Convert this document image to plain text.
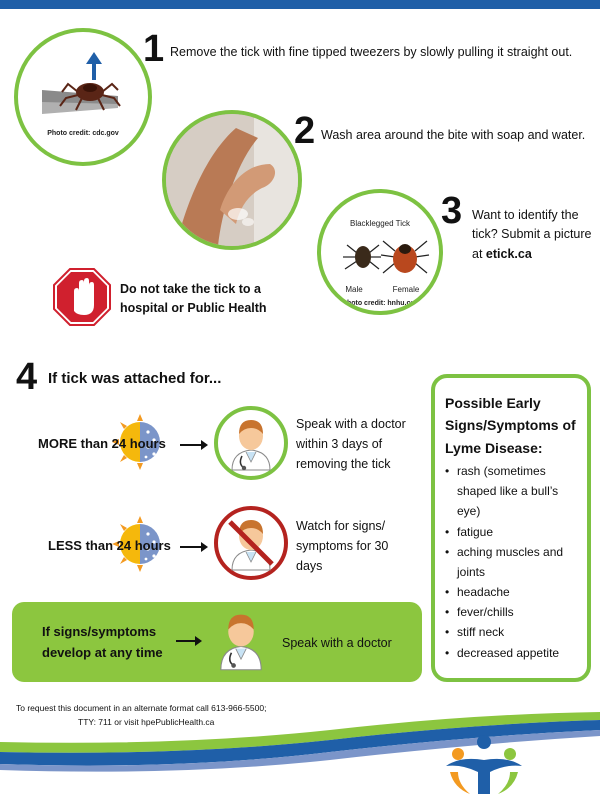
Photo credit: cdc.gov
1 Remove the tick with fine tipped tweezers by slowly pulling it straight out.
2 Wash area around the bite with soap and water.
Blacklegged Tick
Male	Female
Photo credit: hnhu.org
3 Want to identify the tick? Submit a picture at etick.ca
Do not take the tick to a hospital or Public Health
4 If tick was attached for...
MORE than 24 hours
Speak with a doctor within 3 days of removing the tick
LESS than 24 hours
Watch for signs/ symptoms for 30 days
If signs/symptoms develop at any time
Speak with a doctor
Possible Early Signs/Symptoms of Lyme Disease:
• rash (sometimes shaped like a bull’s eye)
• fatigue
• aching muscles and joints
• headache
• fever/chills
• stiff neck
• decreased appetite
To request this document in an alternate format call 613-966-5500;
TTY: 711 or visit hpePublicHealth.ca
